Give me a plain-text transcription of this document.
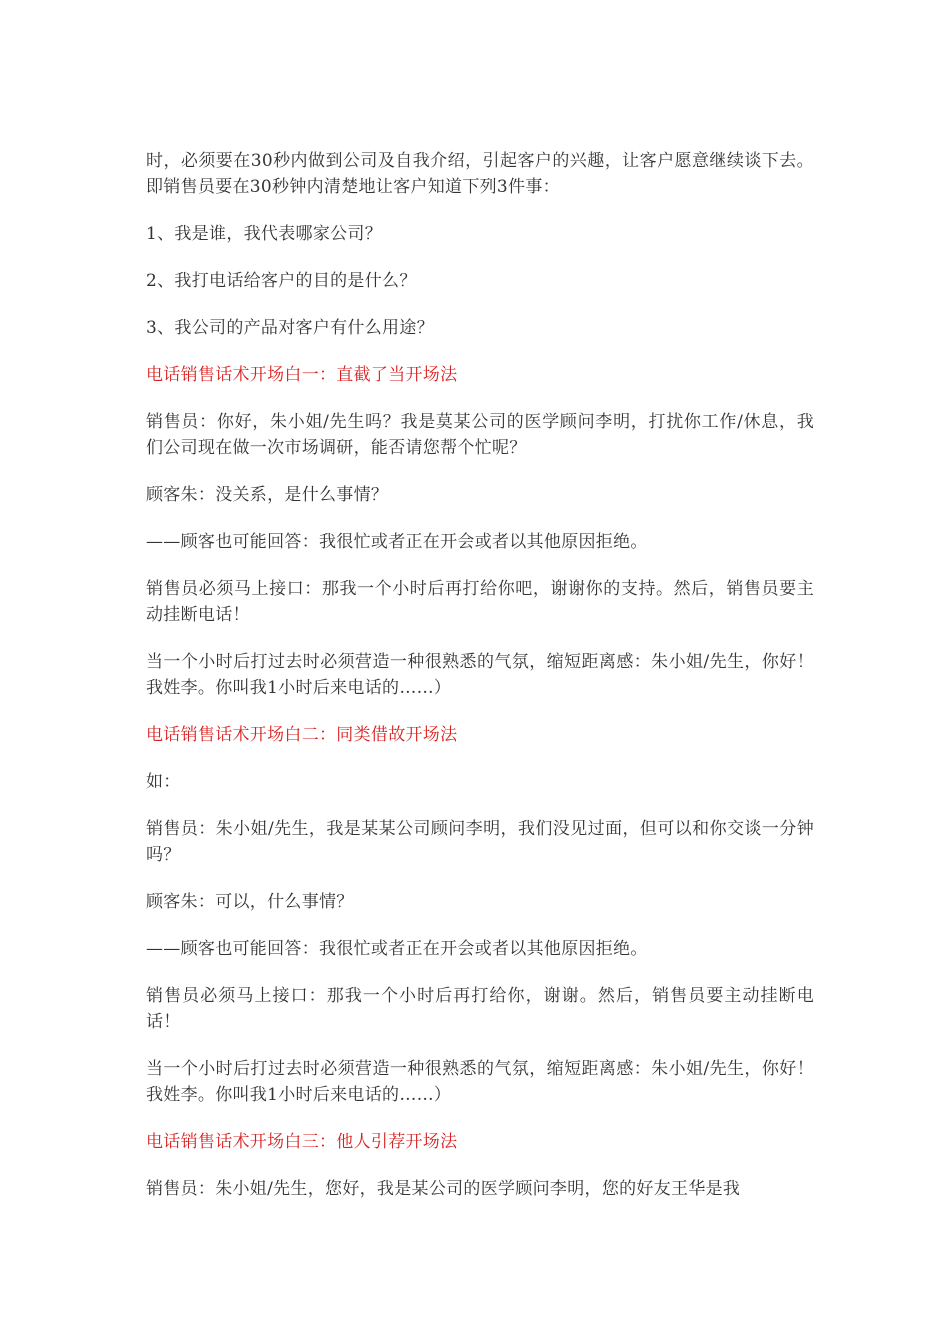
时，必须要在30秒内做到公司及自我介绍，引起客户的兴趣，让客户愿意继续谈下去。即销售员要在30秒钟内清楚地让客户知道下列3件事：

1、我是谁，我代表哪家公司？

2、我打电话给客户的目的是什么？

3、我公司的产品对客户有什么用途？

电话销售话术开场白一：直截了当开场法

销售员：你好，朱小姐/先生吗？我是莫某公司的医学顾问李明，打扰你工作/休息，我们公司现在做一次市场调研，能否请您帮个忙呢？

顾客朱：没关系，是什么事情？

——顾客也可能回答：我很忙或者正在开会或者以其他原因拒绝。

销售员必须马上接口：那我一个小时后再打给你吧，谢谢你的支持。然后，销售员要主动挂断电话！

当一个小时后打过去时必须营造一种很熟悉的气氛，缩短距离感：朱小姐/先生，你好！我姓李。你叫我1小时后来电话的……）

电话销售话术开场白二：同类借故开场法

如：

销售员：朱小姐/先生，我是某某公司顾问李明，我们没见过面，但可以和你交谈一分钟吗？

顾客朱：可以，什么事情？

——顾客也可能回答：我很忙或者正在开会或者以其他原因拒绝。

销售员必须马上接口：那我一个小时后再打给你，谢谢。然后，销售员要主动挂断电话！

当一个小时后打过去时必须营造一种很熟悉的气氛，缩短距离感：朱小姐/先生，你好！我姓李。你叫我1小时后来电话的……）

电话销售话术开场白三：他人引荐开场法

销售员：朱小姐/先生，您好，我是某公司的医学顾问李明，您的好友王华是我
